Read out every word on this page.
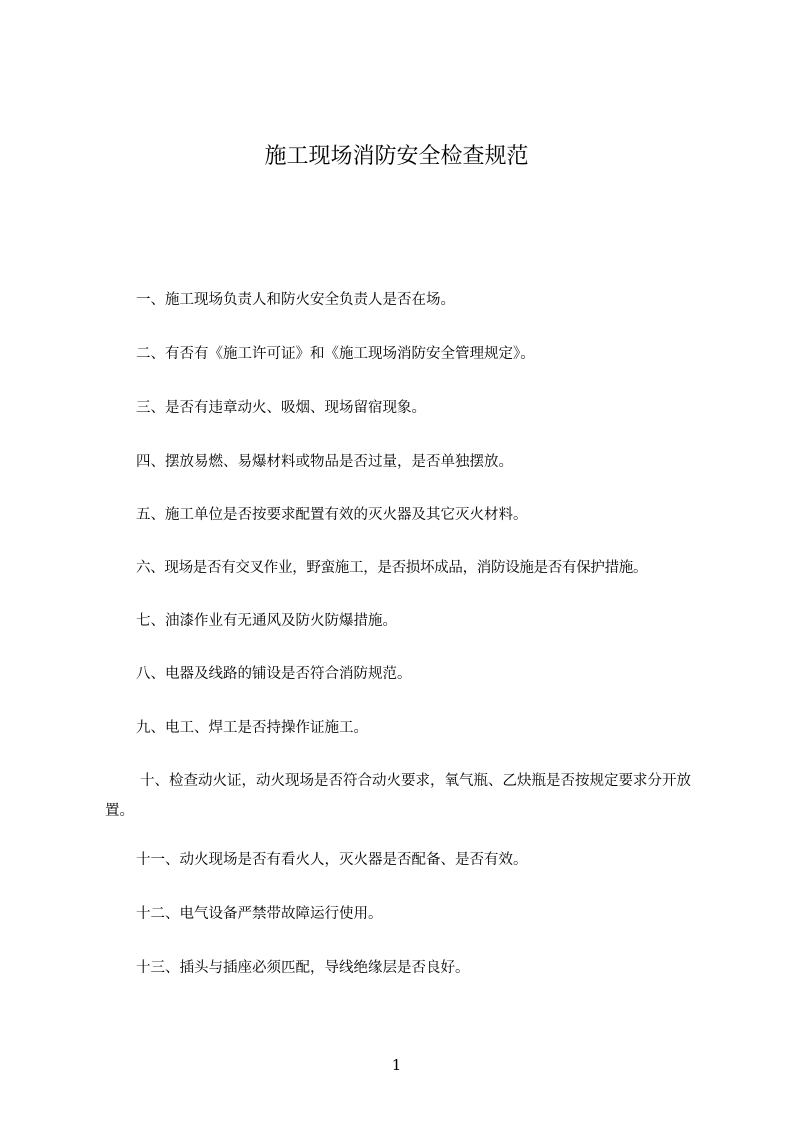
施工现场消防安全检查规范

一、施工现场负责人和防火安全负责人是否在场。

二、有否有《施工许可证》和《施工现场消防安全管理规定》。

三、是否有违章动火、吸烟、现场留宿现象。

四、摆放易燃、易爆材料或物品是否过量，是否单独摆放。

五、施工单位是否按要求配置有效的灭火器及其它灭火材料。

六、现场是否有交叉作业，野蛮施工，是否损坏成品，消防设施是否有保护措施。

七、油漆作业有无通风及防火防爆措施。

八、电器及线路的铺设是否符合消防规范。

九、电工、焊工是否持操作证施工。

十、检查动火证，动火现场是否符合动火要求，氧气瓶、乙炔瓶是否按规定要求分开放置。

十一、动火现场是否有看火人，灭火器是否配备、是否有效。

十二、电气设备严禁带故障运行使用。

十三、插头与插座必须匹配，导线绝缘层是否良好。

1
